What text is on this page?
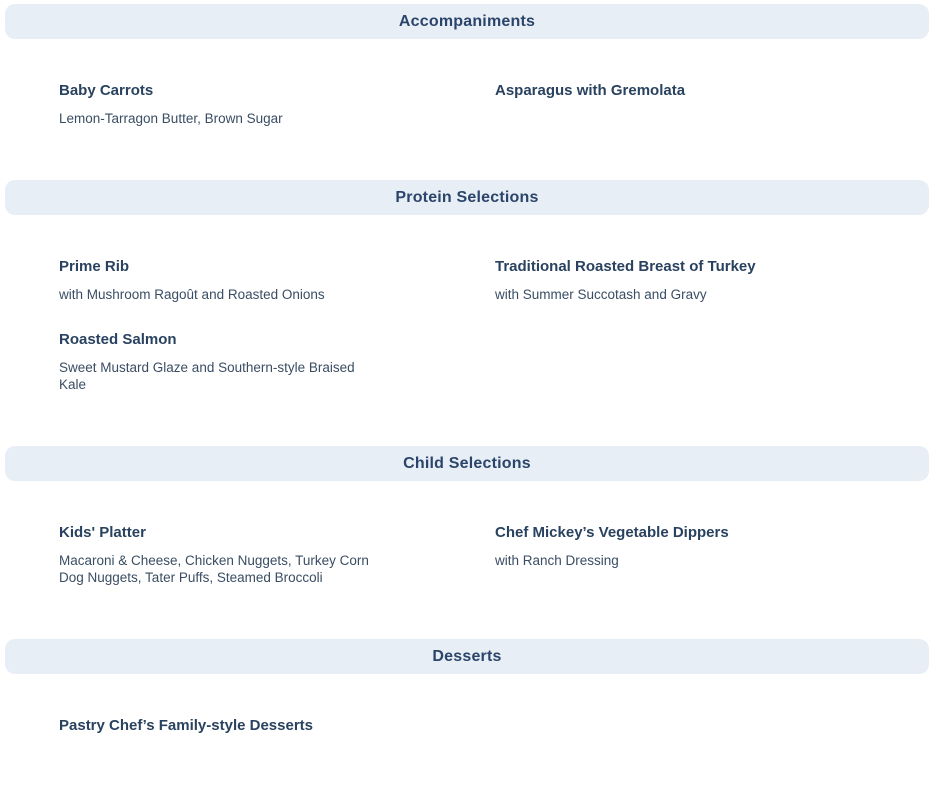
Accompaniments
Baby Carrots
Lemon-Tarragon Butter, Brown Sugar
Asparagus with Gremolata
Protein Selections
Prime Rib
with Mushroom Ragoût and Roasted Onions
Traditional Roasted Breast of Turkey
with Summer Succotash and Gravy
Roasted Salmon
Sweet Mustard Glaze and Southern-style Braised Kale
Child Selections
Kids' Platter
Macaroni & Cheese, Chicken Nuggets, Turkey Corn Dog Nuggets, Tater Puffs, Steamed Broccoli
Chef Mickey’s Vegetable Dippers
with Ranch Dressing
Desserts
Pastry Chef’s Family-style Desserts
